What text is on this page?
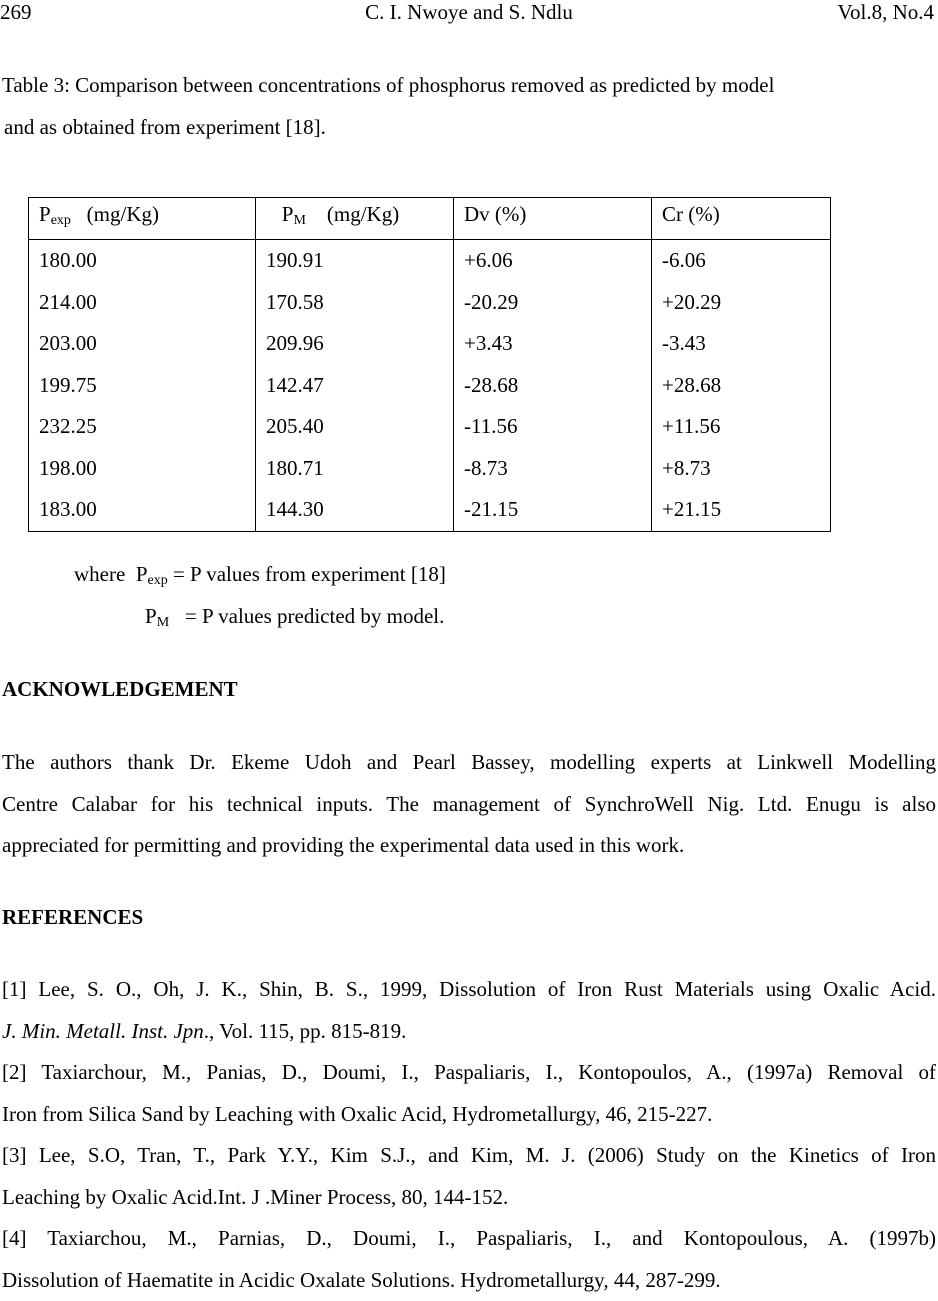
269	C. I. Nwoye and S. Ndlu	Vol.8, No.4
Table 3: Comparison between concentrations of phosphorus removed as predicted by model
and as obtained from experiment [18].
$P_{exp}$ (mg/Kg)	$P_M$ (mg/Kg)	Dv (%)	Cr (%)
180.00	190.91	+6.06	-6.06
214.00	170.58	-20.29	+20.29
203.00	209.96	+3.43	-3.43
199.75	142.47	-28.68	+28.68
232.25	205.40	-11.56	+11.56
198.00	180.71	-8.73	+8.73
183.00	144.30	-21.15	+21.15
where $P_{exp} = P$ values from experiment [18]
$P_M = P$ values predicted by model.
ACKNOWLEDGEMENT
The authors thank Dr. Ekeme Udoh and Pearl Bassey, modelling experts at Linkwell Modelling
Centre Calabar for his technical inputs. The management of SynchroWell Nig. Ltd. Enugu is also
appreciated for permitting and providing the experimental data used in this work.
REFERENCES
[1] Lee, S. O., Oh, J. K., Shin, B. S., 1999, Dissolution of Iron Rust Materials using Oxalic Acid.
J. Min. Metall. Inst. Jpn., Vol. 115, pp. 815-819.
[2] Taxiarchour, M., Panias, D., Doumi, I., Paspaliaris, I., Kontopoulos, A., (1997a) Removal of
Iron from Silica Sand by Leaching with Oxalic Acid, Hydrometallurgy, 46, 215-227.
[3] Lee, S.O, Tran, T., Park Y.Y., Kim S.J., and Kim, M. J. (2006) Study on the Kinetics of Iron
Leaching by Oxalic Acid.Int. J .Miner Process, 80, 144-152.
[4] Taxiarchou, M., Parnias, D., Doumi, I., Paspaliaris, I., and Kontopoulous, A. (1997b)
Dissolution of Haematite in Acidic Oxalate Solutions. Hydrometallurgy, 44, 287-299.
